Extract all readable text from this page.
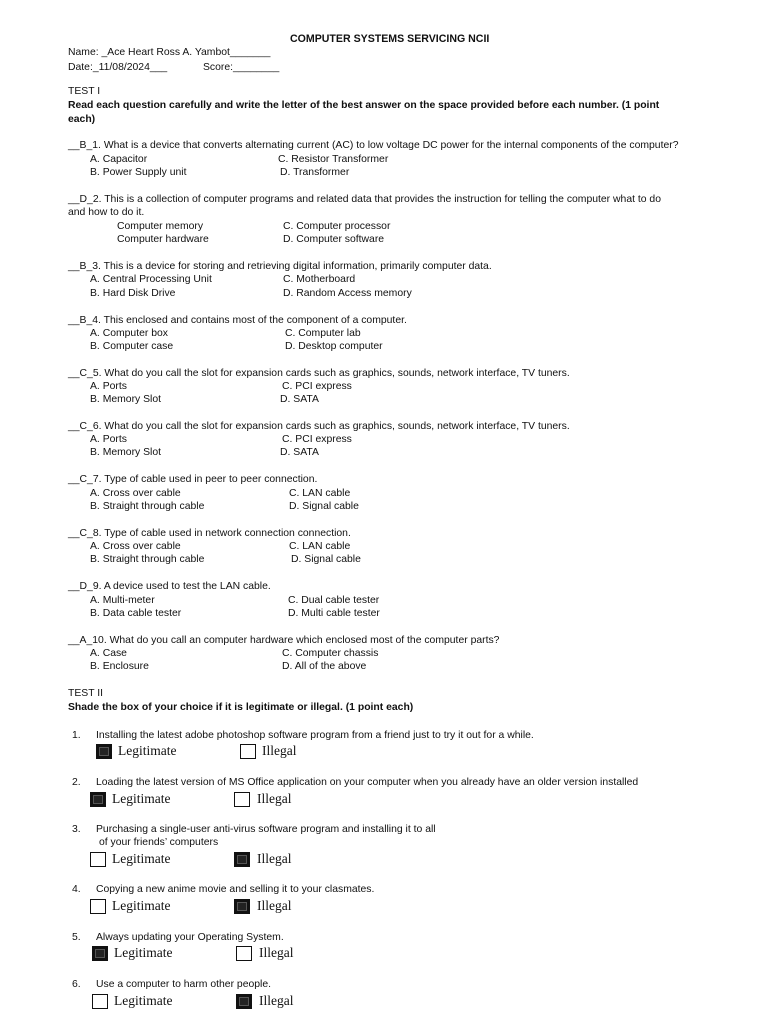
COMPUTER SYSTEMS SERVICING NCII
Name: _Ace Heart Ross A. Yambot_______
Date:_11/08/2024___	Score:________
TEST I
Read each question carefully and write the letter of the best answer on the space provided before each number. (1 point
each)
__B_1. What is a device that converts alternating current (AC) to low voltage DC power for the internal components of the computer?
A. Capacitor	C. Resistor Transformer
B. Power Supply unit	D. Transformer
__D_2. This is a collection of computer programs and related data that provides the instruction for telling the computer what to do
and how to do it.
Computer memory	C. Computer processor
Computer hardware	D. Computer software
__B_3. This is a device for storing and retrieving digital information, primarily computer data.
A. Central Processing Unit	C. Motherboard
B. Hard Disk Drive	D. Random Access memory
__B_4. This enclosed and contains most of the component of a computer.
A. Computer box	C. Computer lab
B. Computer case	D. Desktop computer
__C_5. What do you call the slot for expansion cards such as graphics, sounds, network interface, TV tuners.
A. Ports	C. PCI express
B. Memory Slot	D. SATA
__C_6. What do you call the slot for expansion cards such as graphics, sounds, network interface, TV tuners.
A. Ports	C. PCI express
B. Memory Slot	D. SATA
__C_7. Type of cable used in peer to peer connection.
A. Cross over cable	C. LAN cable
B. Straight through cable	D. Signal cable
__C_8. Type of cable used in network connection connection.
A. Cross over cable	C. LAN cable
B. Straight through cable	D. Signal cable
__D_9. A device used to test the LAN cable.
A. Multi-meter	C. Dual cable tester
B. Data cable tester	D. Multi cable tester
__A_10. What do you call an computer hardware which enclosed most of the computer parts?
A. Case	C. Computer chassis
B. Enclosure	D. All of the above
TEST II
Shade the box of your choice if it is legitimate or illegal. (1 point each)
1. Installing the latest adobe photoshop software program from a friend just to try it out for a while.
Legitimate	Illegal
2. Loading the latest version of MS Office application on your computer when you already have an older version installed
Legitimate	Illegal
3. Purchasing a single-user anti-virus software program and installing it to all
of your friends’ computers
Legitimate	Illegal
4. Copying a new anime movie and selling it to your clasmates.
Legitimate	Illegal
5. Always updating your Operating System.
Legitimate	Illegal
6. Use a computer to harm other people.
Legitimate	Illegal
